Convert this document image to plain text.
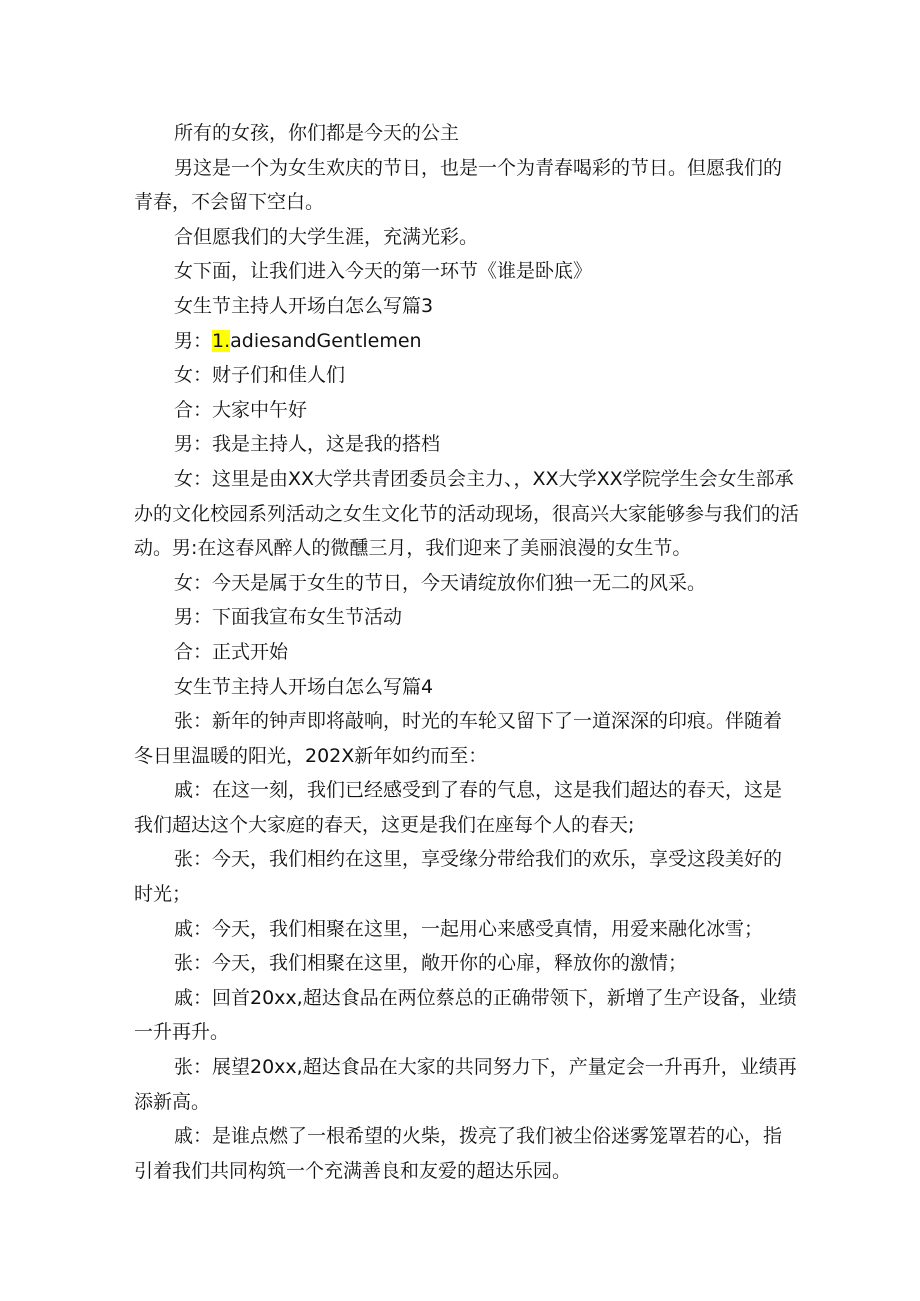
所有的女孩，你们都是今天的公主

男这是一个为女生欢庆的节日，也是一个为青春喝彩的节日。但愿我们的青春，不会留下空白。

合但愿我们的大学生涯，充满光彩。

女下面，让我们进入今天的第一环节《谁是卧底》

女生节主持人开场白怎么写篇3

男：1.adiesandGentlemen

女：财子们和佳人们

合：大家中午好

男：我是主持人，这是我的搭档

女：这里是由XX大学共青团委员会主力、，XX大学XX学院学生会女生部承办的文化校园系列活动之女生文化节的活动现场，很高兴大家能够参与我们的活动。男:在这春风醉人的微醺三月，我们迎来了美丽浪漫的女生节。

女：今天是属于女生的节日，今天请绽放你们独一无二的风采。

男：下面我宣布女生节活动

合：正式开始

女生节主持人开场白怎么写篇4

张：新年的钟声即将敲响，时光的车轮又留下了一道深深的印痕。伴随着冬日里温暖的阳光，202X新年如约而至：

戚：在这一刻，我们已经感受到了春的气息，这是我们超达的春天，这是我们超达这个大家庭的春天，这更是我们在座每个人的春天;

张：今天，我们相约在这里，享受缘分带给我们的欢乐，享受这段美好的时光；

戚：今天，我们相聚在这里，一起用心来感受真情，用爱来融化冰雪；

张：今天，我们相聚在这里，敞开你的心扉，释放你的激情；

戚：回首20xx,超达食品在两位蔡总的正确带领下，新增了生产设备，业绩一升再升。

张：展望20xx,超达食品在大家的共同努力下，产量定会一升再升，业绩再添新高。

戚：是谁点燃了一根希望的火柴，拨亮了我们被尘俗迷雾笼罩若的心，指引着我们共同构筑一个充满善良和友爱的超达乐园。
